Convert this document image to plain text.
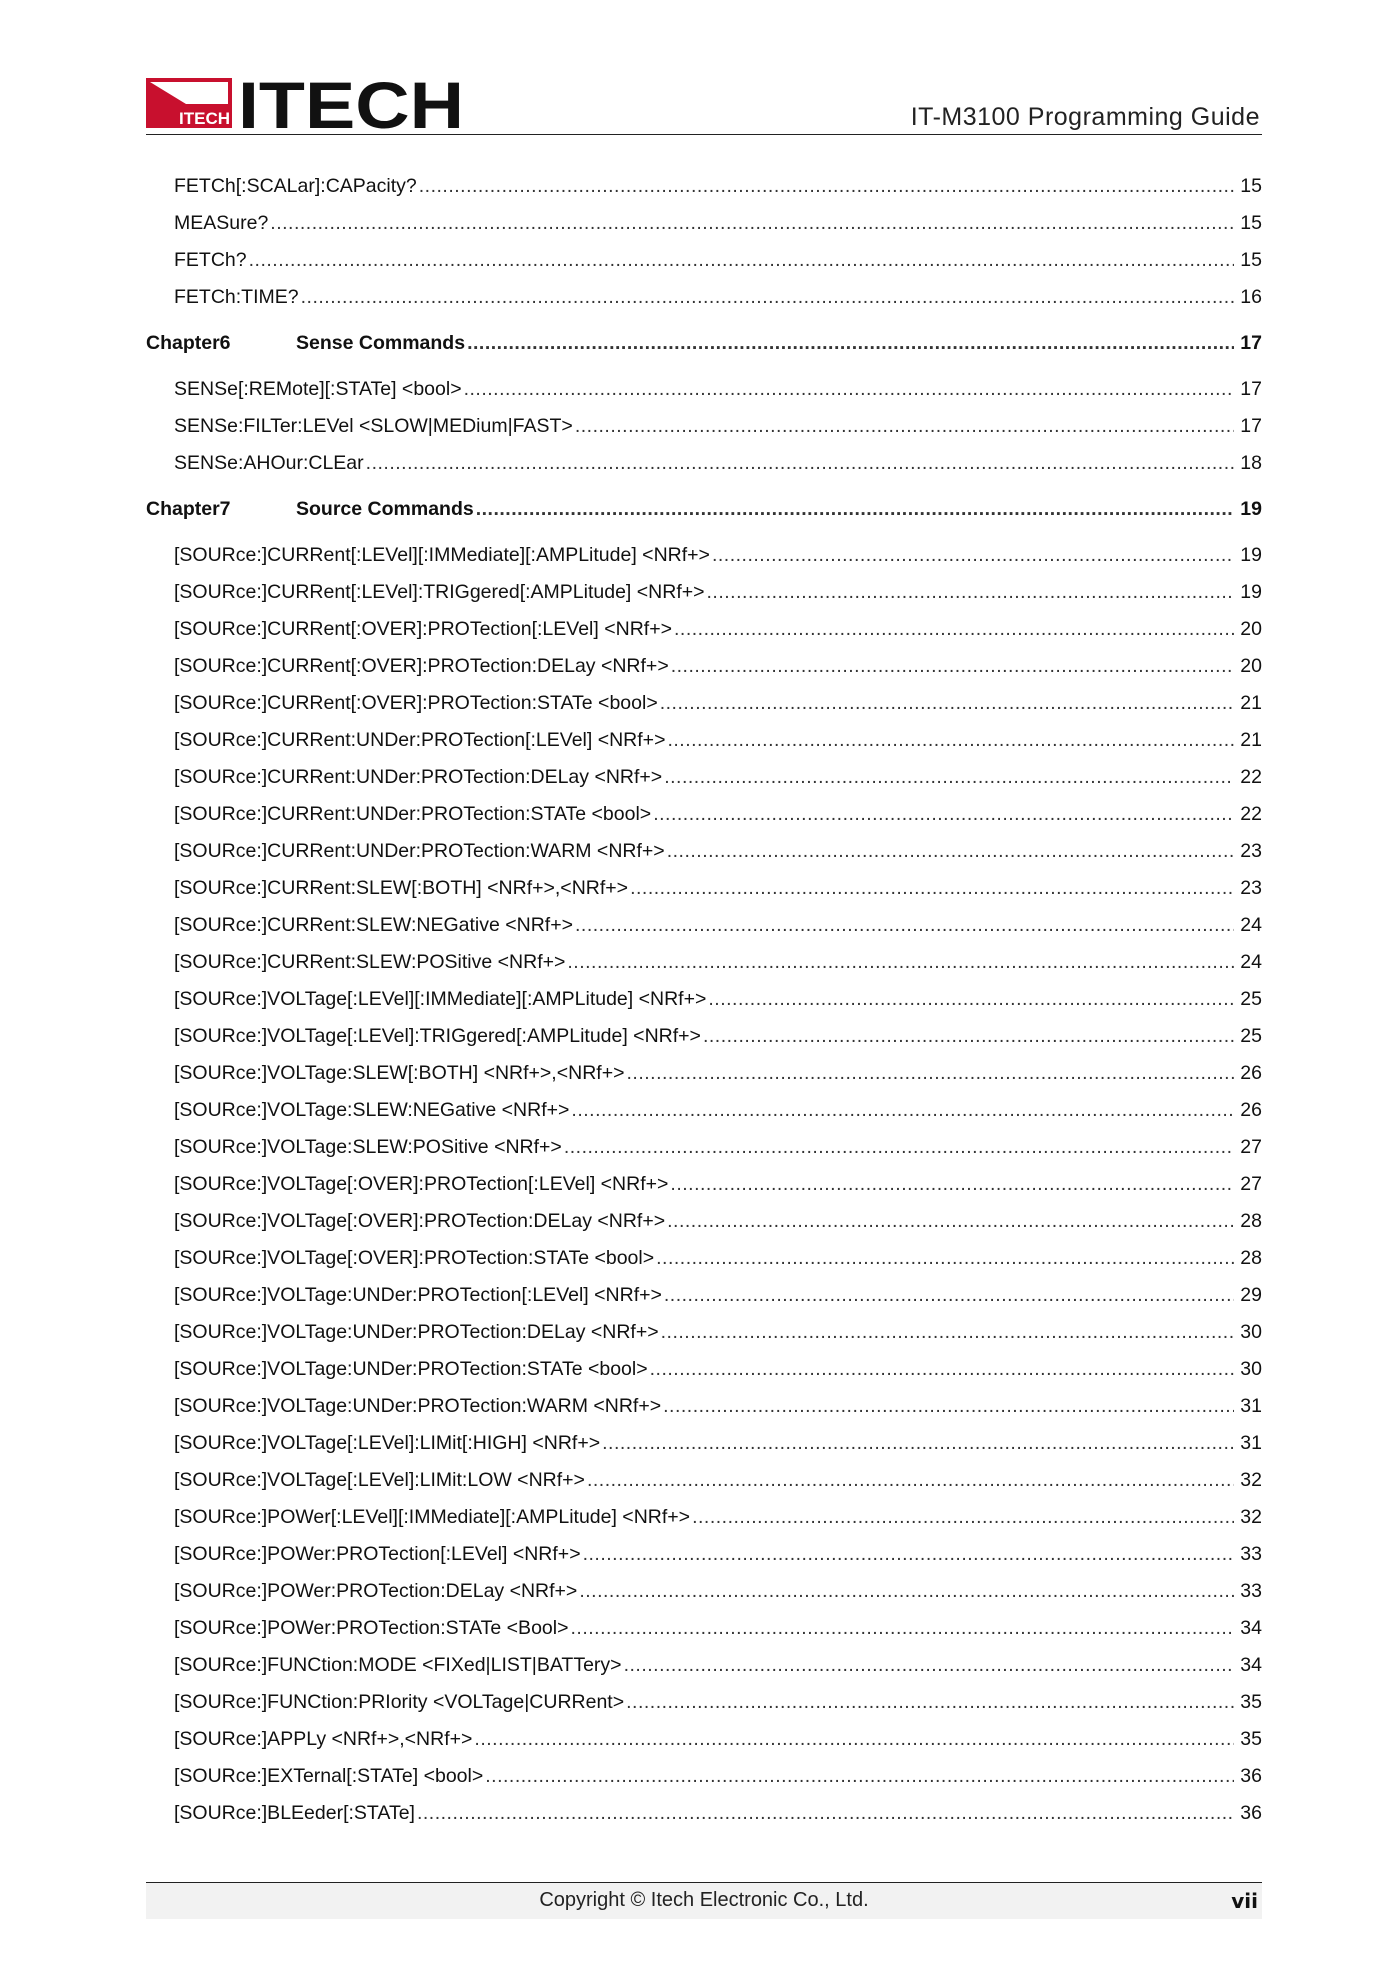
ITECH ITECH	IT-M3100 Programming Guide
FETCh[:SCALar]:CAPacity? .....	15
MEASure? .....	15
FETCh? .....	15
FETCh:TIME? .....	16
Chapter6	Sense Commands .....	17
SENSe[:REMote][:STATe] <bool> .....	17
SENSe:FILTer:LEVel <SLOW|MEDium|FAST> .....	17
SENSe:AHOur:CLEar .....	18
Chapter7	Source Commands .....	19
[SOURce:]CURRent[:LEVel][:IMMediate][:AMPLitude] <NRf+> .....	19
[SOURce:]CURRent[:LEVel]:TRIGgered[:AMPLitude] <NRf+> .....	19
[SOURce:]CURRent[:OVER]:PROTection[:LEVel] <NRf+> .....	20
[SOURce:]CURRent[:OVER]:PROTection:DELay <NRf+> .....	20
[SOURce:]CURRent[:OVER]:PROTection:STATe <bool> .....	21
[SOURce:]CURRent:UNDer:PROTection[:LEVel] <NRf+> .....	21
[SOURce:]CURRent:UNDer:PROTection:DELay <NRf+> .....	22
[SOURce:]CURRent:UNDer:PROTection:STATe <bool> .....	22
[SOURce:]CURRent:UNDer:PROTection:WARM <NRf+> .....	23
[SOURce:]CURRent:SLEW[:BOTH] <NRf+>,<NRf+> .....	23
[SOURce:]CURRent:SLEW:NEGative <NRf+> .....	24
[SOURce:]CURRent:SLEW:POSitive <NRf+> .....	24
[SOURce:]VOLTage[:LEVel][:IMMediate][:AMPLitude] <NRf+> .....	25
[SOURce:]VOLTage[:LEVel]:TRIGgered[:AMPLitude] <NRf+> .....	25
[SOURce:]VOLTage:SLEW[:BOTH] <NRf+>,<NRf+> .....	26
[SOURce:]VOLTage:SLEW:NEGative <NRf+> .....	26
[SOURce:]VOLTage:SLEW:POSitive <NRf+> .....	27
[SOURce:]VOLTage[:OVER]:PROTection[:LEVel] <NRf+> .....	27
[SOURce:]VOLTage[:OVER]:PROTection:DELay <NRf+> .....	28
[SOURce:]VOLTage[:OVER]:PROTection:STATe <bool> .....	28
[SOURce:]VOLTage:UNDer:PROTection[:LEVel] <NRf+> .....	29
[SOURce:]VOLTage:UNDer:PROTection:DELay <NRf+> .....	30
[SOURce:]VOLTage:UNDer:PROTection:STATe <bool> .....	30
[SOURce:]VOLTage:UNDer:PROTection:WARM <NRf+> .....	31
[SOURce:]VOLTage[:LEVel]:LIMit[:HIGH] <NRf+> .....	31
[SOURce:]VOLTage[:LEVel]:LIMit:LOW <NRf+> .....	32
[SOURce:]POWer[:LEVel][:IMMediate][:AMPLitude] <NRf+> .....	32
[SOURce:]POWer:PROTection[:LEVel] <NRf+> .....	33
[SOURce:]POWer:PROTection:DELay <NRf+> .....	33
[SOURce:]POWer:PROTection:STATe <Bool> .....	34
[SOURce:]FUNCtion:MODE <FIXed|LIST|BATTery> .....	34
[SOURce:]FUNCtion:PRIority <VOLTage|CURRent> .....	35
[SOURce:]APPLy <NRf+>,<NRf+> .....	35
[SOURce:]EXTernal[:STATe] <bool> .....	36
[SOURce:]BLEeder[:STATe] .....	36
Copyright © Itech Electronic Co., Ltd.	vii
